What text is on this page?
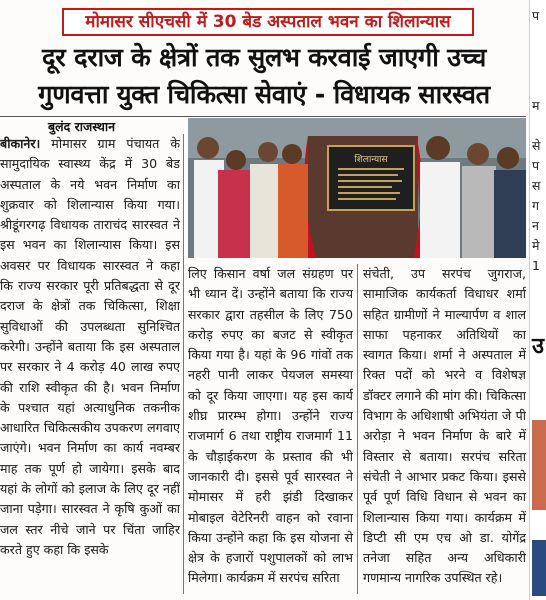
मोमासर सीएचसी में 30 बेड अस्पताल भवन का शिलान्यास
दूर दराज के क्षेत्रों तक सुलभ करवाई जाएगी उच्च
गुणवत्ता युक्त चिकित्सा सेवाएं - विधायक सारस्वत
बुलंद राजस्थान
शिलान्यास
बीकानेर। मोमासर ग्राम पंचायत के सामुदायिक स्वास्थ्य केंद्र में 30 बेड अस्पताल के नये भवन निर्माण का शुक्रवार को शिलान्यास किया गया। श्रीडूंगरगढ़ विधायक ताराचंद सारस्वत ने इस भवन का शिलान्यास किया। इस अवसर पर विधायक सारस्वत ने कहा कि राज्य सरकार पूरी प्रतिबद्धता से दूर दराज के क्षेत्रों तक चिकित्सा, शिक्षा सुविधाओं की उपलब्धता सुनिश्चित करेगी। उन्होंने बताया कि इस अस्पताल पर सरकार ने 4 करोड़ 40 लाख रुपए की राशि स्वीकृत की है। भवन निर्माण के पश्चात यहां अत्याधुनिक तकनीक आधारित चिकित्सकीय उपकरण लगवाए जाएंगे। भवन निर्माण का कार्य नवम्बर माह तक पूर्ण हो जायेगा। इसके बाद यहां के लोगों को इलाज के लिए दूर नहीं जाना पड़ेगा। सारस्वत ने कृषि कुओं का जल स्तर नीचे जाने पर चिंता जाहिर करते हुए कहा कि इसके
लिए किसान वर्षा जल संग्रहण पर भी ध्यान दें। उन्होंने बताया कि राज्य सरकार द्वारा तहसील के लिए 750 करोड़ रुपए का बजट से स्वीकृत किया गया है। यहां के 96 गांवों तक नहरी पानी लाकर पेयजल समस्या को दूर किया जाएगा। यह इस कार्य शीघ्र प्रारम्भ होगा। उन्होंने राज्य राजमार्ग 6 तथा राष्ट्रीय राजमार्ग 11 के चौड़ाईकरण के प्रस्ताव की भी जानकारी दी। इससे पूर्व सारस्वत ने मोमासर में हरी झंडी दिखाकर मोबाइल वेटेरिनरी वाहन को रवाना किया उन्होंने कहा कि इस योजना से क्षेत्र के हजारों पशुपालकों को लाभ मिलेगा। कार्यक्रम में सरपंच सरिता
संचेती, उप सरपंच जुगराज, सामाजिक कार्यकर्ता विधाधर शर्मा सहित ग्रामीणों ने माल्यार्पण व शाल साफा पहनाकर अतिथियों का स्वागत किया। शर्मा ने अस्पताल में रिक्त पदों को भरने व विशेषज्ञ डॉक्टर लगाने की मांग की। चिकित्सा विभाग के अधिशाषी अभियंता जे पी अरोड़ा ने भवन निर्माण के बारे में विस्तार से बताया। सरपंच सरिता संचेती ने आभार प्रकट किया। इससे पूर्व पूर्ण विधि विधान से भवन का शिलान्यास किया गया। कार्यक्रम में डिप्टी सी एम एच ओ डा. योगेंद्र तनेजा सहित अन्य अधिकारी गणमान्य नागरिक उपस्थित रहे।
प
म
से
प
स
ग
न
मे
1
उ
